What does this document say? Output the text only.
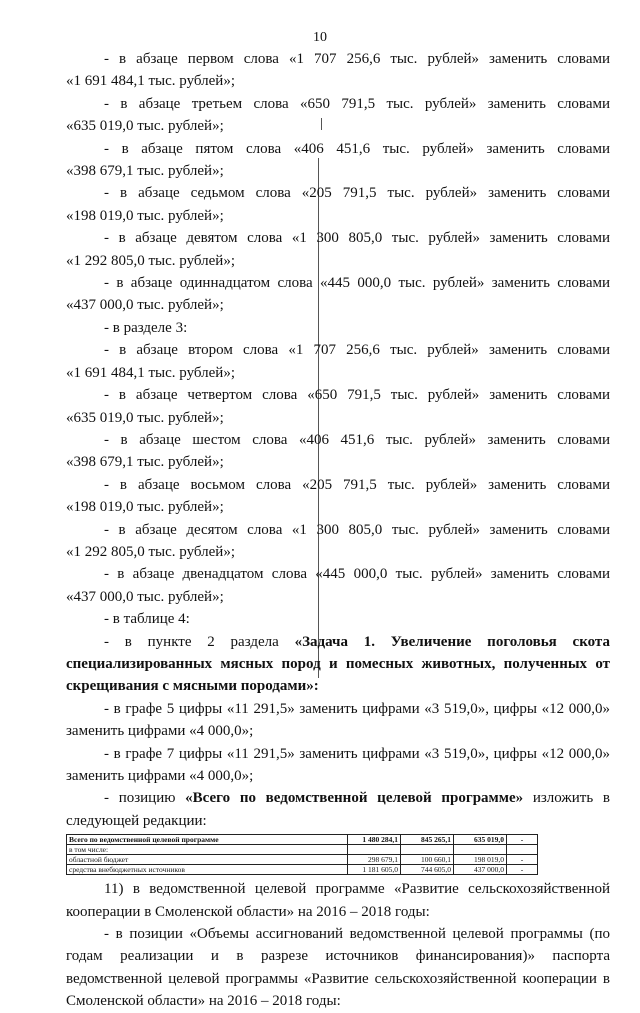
10

- в абзаце первом слова «1 707 256,6 тыс. рублей» заменить словами

«1 691 484,1 тыс. рублей»;

- в абзаце третьем слова «650 791,5 тыс. рублей» заменить словами

«635 019,0 тыс. рублей»;

- в абзаце пятом слова «406 451,6 тыс. рублей» заменить словами

«398 679,1 тыс. рублей»;

- в абзаце седьмом слова «205 791,5 тыс. рублей» заменить словами

«198 019,0 тыс. рублей»;

- в абзаце девятом слова «1 300 805,0 тыс. рублей» заменить словами

«1 292 805,0 тыс. рублей»;

- в абзаце одиннадцатом слова «445 000,0 тыс. рублей» заменить словами

«437 000,0 тыс. рублей»;

- в разделе 3:

- в абзаце втором слова «1 707 256,6 тыс. рублей» заменить словами

«1 691 484,1 тыс. рублей»;

- в абзаце четвертом слова «650 791,5 тыс. рублей» заменить словами

«635 019,0 тыс. рублей»;

- в абзаце шестом слова «406 451,6 тыс. рублей» заменить словами

«398 679,1 тыс. рублей»;

- в абзаце восьмом слова «205 791,5 тыс. рублей» заменить словами

«198 019,0 тыс. рублей»;

- в абзаце десятом слова «1 300 805,0 тыс. рублей» заменить словами

«1 292 805,0 тыс. рублей»;

- в абзаце двенадцатом слова «445 000,0 тыс. рублей» заменить словами

«437 000,0 тыс. рублей»;

- в таблице 4:

- в пункте 2 раздела «Задача 1. Увеличение поголовья скота

специализированных мясных пород и помесных животных, полученных от

скрещивания с мясными породами»:

- в графе 5 цифры «11 291,5» заменить цифрами «3 519,0», цифры «12 000,0»

заменить цифрами «4 000,0»;

- в графе 7 цифры «11 291,5» заменить цифрами «3 519,0», цифры «12 000,0»

заменить цифрами «4 000,0»;

- позицию «Всего по ведомственной целевой программе» изложить в

следующей редакции:

Всего по ведомственной целевой программе	1 480 284,1	845 265,1	635 019,0	-
в том числе:				
областной бюджет	298 679,1	100 660,1	198 019,0	-
средства внебюджетных источников	1 181 605,0	744 605,0	437 000,0	-

11) в ведомственной целевой программе «Развитие сельскохозяйственной

кооперации в Смоленской области» на 2016 – 2018 годы:

- в позиции «Объемы ассигнований ведомственной целевой программы (по годам реализации и в разрезе источников финансирования)» паспорта ведомственной целевой программы «Развитие сельскохозяйственной кооперации в Смоленской области» на 2016 – 2018 годы:
